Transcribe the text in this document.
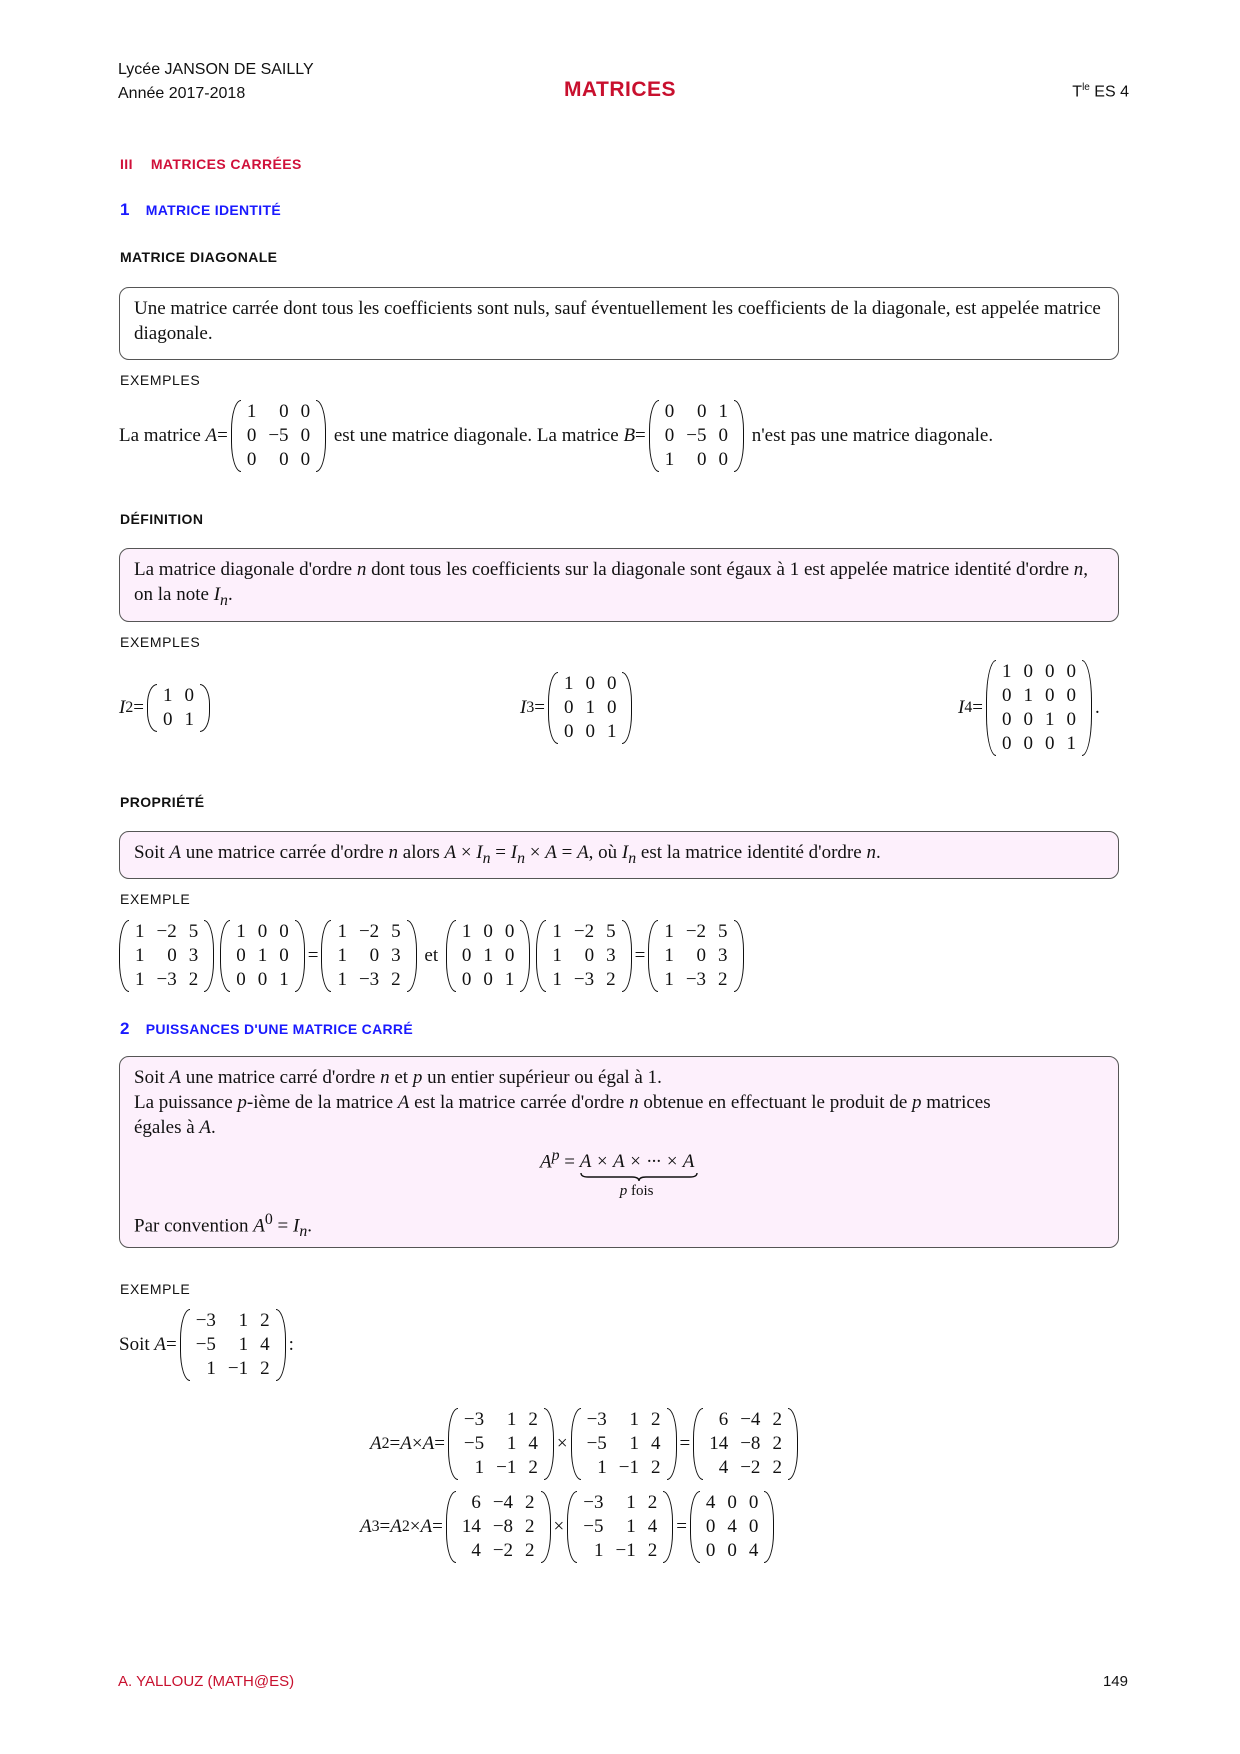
Lycée JANSON DE SAILLY
Année 2017-2018	MATRICES	$T^{le}$ ES 4
III MATRICES CARRÉES
1 MATRICE IDENTITÉ
MATRICE DIAGONALE
Une matrice carrée dont tous les coefficients sont nuls, sauf éventuellement les coefficients de la diagonale, est appelée matrice diagonale.
EXEMPLES
La matrice
A =
1	0	0
0	−5	0
0	0	0

est une matrice diagonale. La matrice
B =
0	0	1
0	−5	0
1	0	0

n'est pas une matrice diagonale.
DÉFINITION
La matrice diagonale d'ordre n dont tous les coefficients sur la diagonale sont égaux à 1 est appelée matrice identité d'ordre n, on la note $I_n$.
EXEMPLES
I 2 =
1	0
0	1
I 3 =
1	0	0
0	1	0
0	0	1
I 4 =
1	0	0	0
0	1	0	0
0	0	1	0
0	0	0	1
.
PROPRIÉTÉ
Soit A une matrice carrée d'ordre n alors $A \times I_n = I_n \times A = A$, où $I_n$ est la matrice identité d'ordre n.
EXEMPLE
1	−2	5
1	0	3
1	−3	2
1	0	0
0	1	0
0	0	1
=
1	−2	5
1	0	3
1	−3	2

et

1	0	0
0	1	0
0	0	1
1	−2	5
1	0	3
1	−3	2
=
1	−2	5
1	0	3
1	−3	2
2 PUISSANCES D'UNE MATRICE CARRÉ
Soit A une matrice carré d'ordre n et p un entier supérieur ou égal à 1.
La puissance p-ième de la matrice A est la matrice carrée d'ordre n obtenue en effectuant le produit de p matrices
égales à A.
$A^p = A \times A$ × ··· × A
p fois
Par convention $A^0 = I_n$.
EXEMPLE
Soit
A =
−3	1	2
−5	1	4
1	−1	2
:
A 2 = A × A =
−3	1	2
−5	1	4
1	−1	2
×
−3	1	2
−5	1	4
1	−1	2
=
6	−4	2
14	−8	2
4	−2	2
A 3 = A 2 × A =
6	−4	2
14	−8	2
4	−2	2
×
−3	1	2
−5	1	4
1	−1	2
=
4	0	0
0	4	0
0	0	4
A. YALLOUZ (MATH@ES)	149
